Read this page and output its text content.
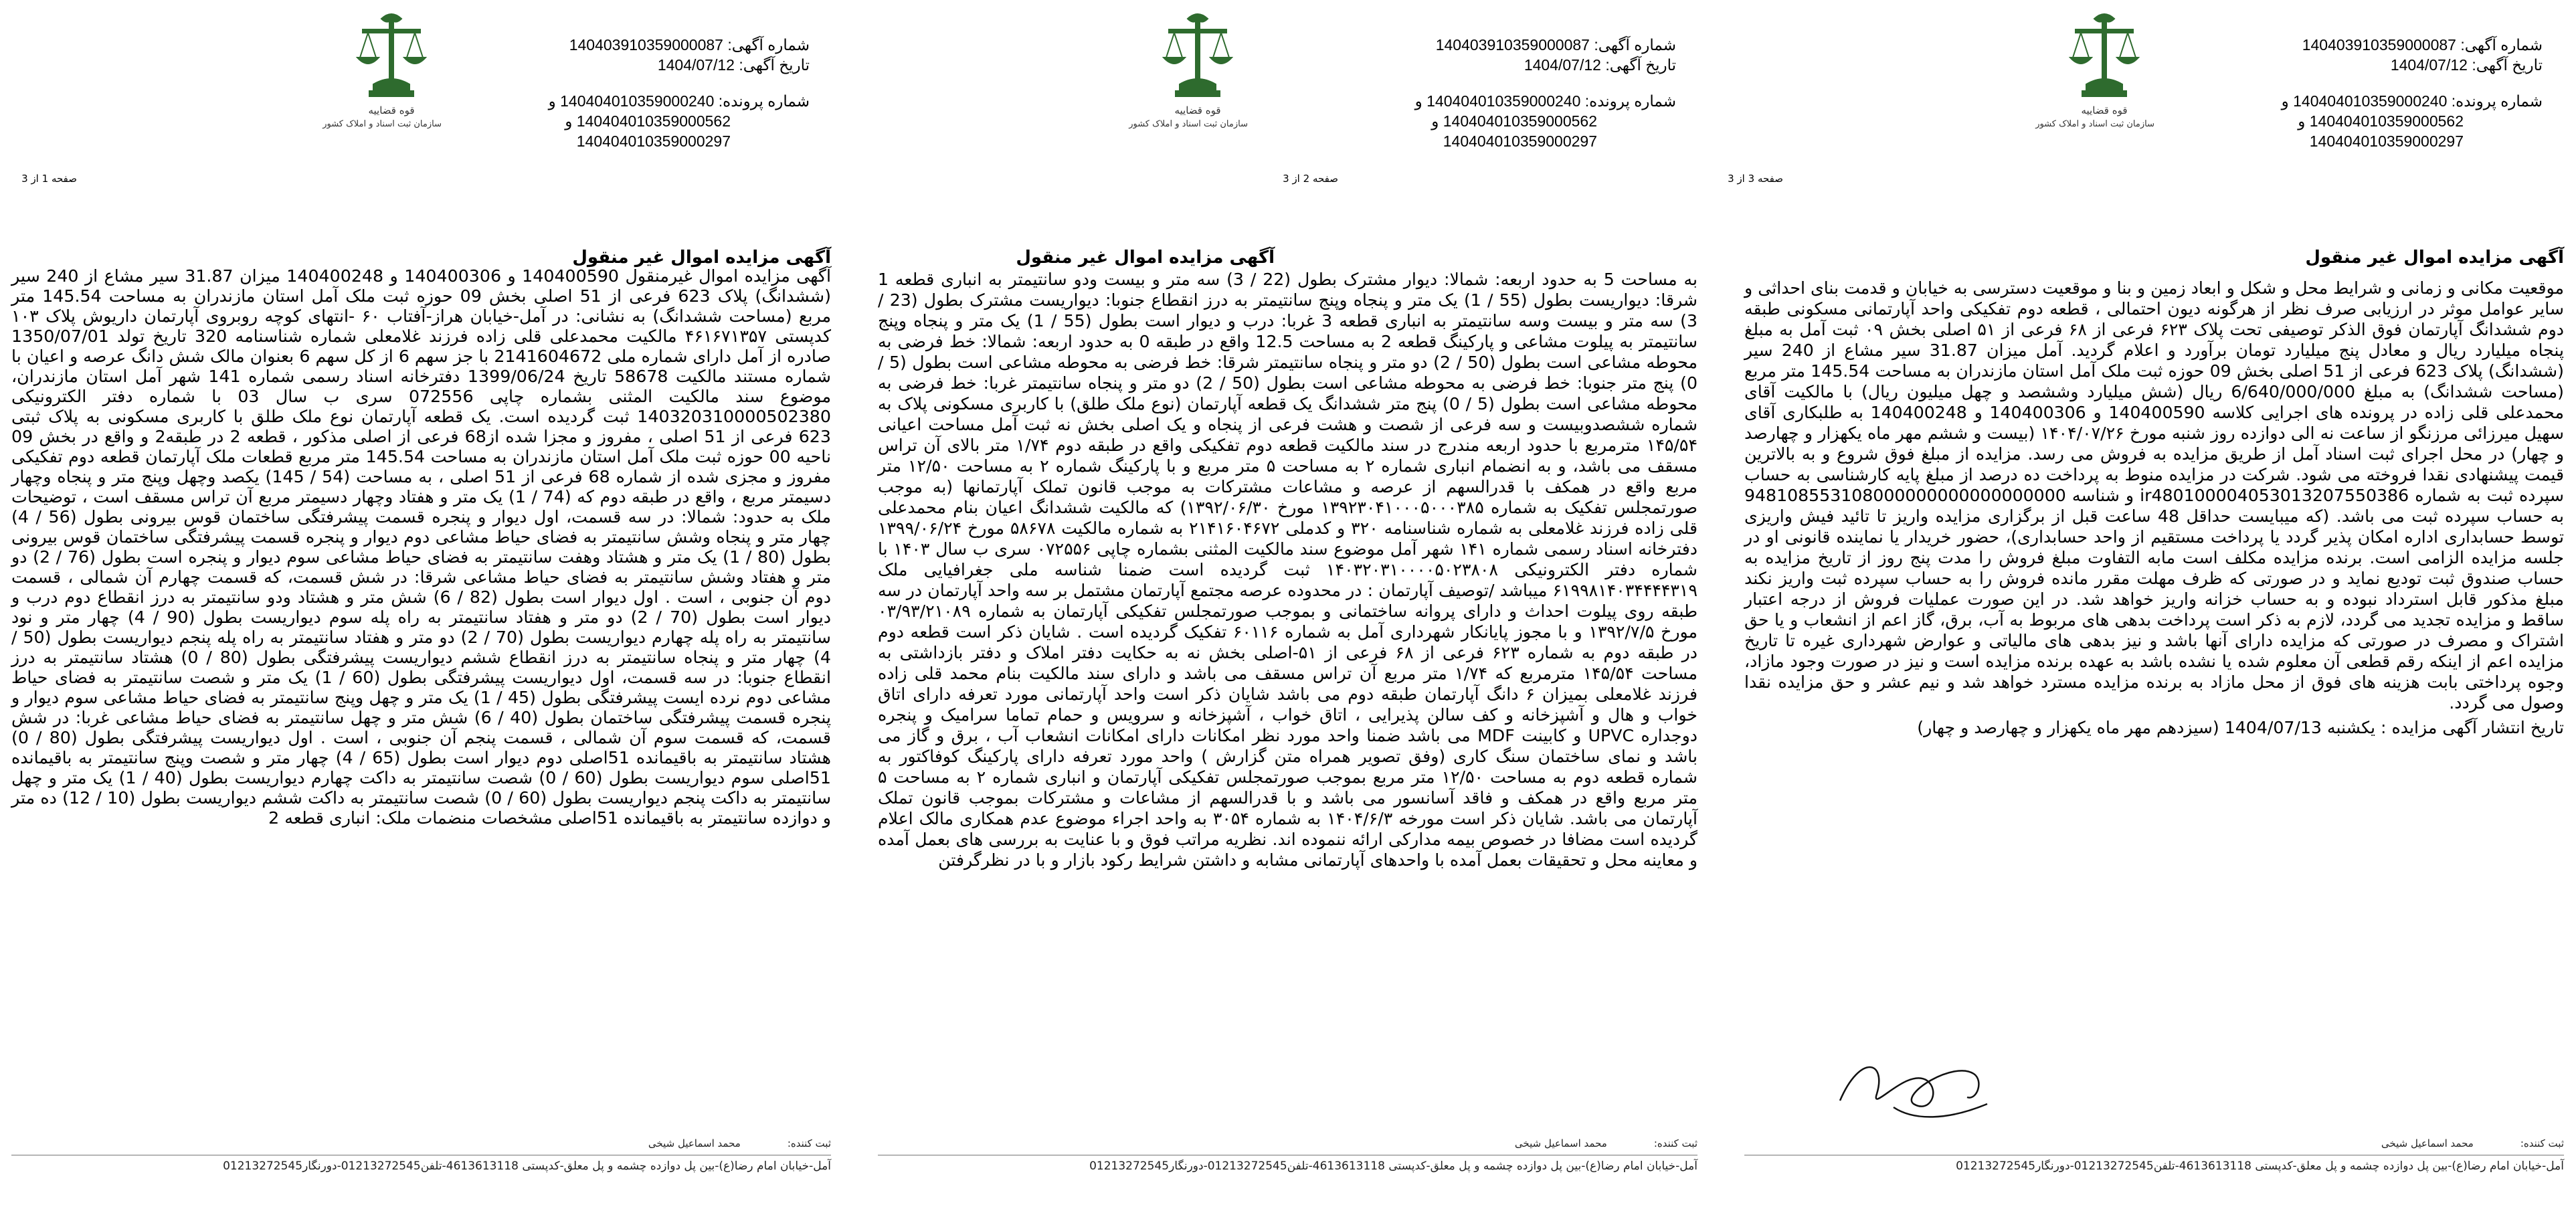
شماره آگهی: 140403910359000087
تاریخ آگهی: 1404/07/12
شماره پرونده: 140404010359000240 و
140404010359000562 و
140404010359000297
قوه قضاییه
سازمان ثبت اسناد و املاک کشور
صفحه 3 از 3
آگهی مزایده اموال غیر منقول

موقعیت مکانی و زمانی و شرایط محل و شکل و ابعاد زمین و بنا و موقعیت دسترسی به خیابان و قدمت بنای احداثی و سایر عوامل موثر در ارزیابی صرف نظر از هرگونه دیون احتمالی ، قطعه دوم تفکیکی واحد آپارتمانی مسکونی طبقه دوم ششدانگ آپارتمان فوق الذکر توصیفی تحت پلاک ۶۲۳ فرعی از ۶۸ فرعی از ۵۱ اصلی بخش ۰۹ ثبت آمل به مبلغ پنجاه میلیارد ریال و معادل پنج میلیارد تومان برآورد و اعلام گردید. آمل میزان 31.87 سیر مشاع از 240 سیر (ششدانگ) پلاک 623 فرعی از 51 اصلی بخش 09 حوزه ثبت ملک آمل استان مازندران به مساحت 145.54 متر مربع (مساحت ششدانگ) به مبلغ 6/640/000/000 ریال (شش میلیارد وششصد و چهل میلیون ریال) با مالکیت آقای محمدعلی قلی زاده در پرونده های اجرایی کلاسه 140400590 و 140400306 و 140400248 به طلبکاری آقای سهیل میرزائی مرزنگو از ساعت نه الی دوازده روز شنبه مورخ ۱۴۰۴/۰۷/۲۶ (بیست و ششم مهر ماه یکهزار و چهارصد و چهار) در محل اجرای ثبت اسناد آمل از طریق مزایده به فروش می رسد. مزایده از مبلغ فوق شروع و به بالاترین قیمت پیشنهادی نقدا فروخته می شود. شرکت در مزایده منوط به پرداخت ده درصد از مبلغ پایه کارشناسی به حساب سپرده ثبت به شماره ir480100004053013207550386 و شناسه 948108553108000000000000000000 به حساب سپرده ثبت می باشد. (که میبایست حداقل 48 ساعت قبل از برگزاری مزایده واریز تا تائید فیش واریزی توسط حسابداری اداره امکان پذیر گردد یا پرداخت مستقیم از واحد حسابداری)، حضور خریدار یا نماینده قانونی او در جلسه مزایده الزامی است. برنده مزایده مکلف است مابه التفاوت مبلغ فروش را مدت پنج روز از تاریخ مزایده به حساب صندوق ثبت تودیع نماید و در صورتی که ظرف مهلت مقرر مانده فروش را به حساب سپرده ثبت واریز نکند مبلغ مذکور قابل استرداد نبوده و به حساب خزانه واریز خواهد شد. در این صورت عملیات فروش از درجه اعتبار ساقط و مزایده تجدید می گردد، لازم به ذکر است پرداخت بدهی های مربوط به آب، برق، گاز اعم از انشعاب و یا حق اشتراک و مصرف در صورتی که مزایده دارای آنها باشد و نیز بدهی های مالیاتی و عوارض شهرداری غیره تا تاریخ مزایده اعم از اینکه رقم قطعی آن معلوم شده یا نشده باشد به عهده برنده مزایده است و نیز در صورت وجود مازاد، وجوه پرداختی بابت هزینه های فوق از محل مازاد به برنده مزایده مسترد خواهد شد و نیم عشر و حق مزایده نقدا وصول می گردد.

تاریخ انتشار آگهی مزایده : یکشنبه 1404/07/13 (سیزدهم مهر ماه یکهزار و چهارصد و چهار)

ثبت کننده:
محمد اسماعیل شیخی
آمل-خیابان امام رضا(ع)-بین پل دوازده چشمه و پل معلق-کدپستی 4613613118-تلفن01213272545-دورنگار01213272545
شماره آگهی: 140403910359000087
تاریخ آگهی: 1404/07/12
شماره پرونده: 140404010359000240 و
140404010359000562 و
140404010359000297
قوه قضاییه
سازمان ثبت اسناد و املاک کشور
صفحه 2 از 3
آگهی مزایده اموال غیر منقول

به مساحت 5 به حدود اربعه: شمالا: دیوار مشترک بطول (22 / 3) سه متر و بیست ودو سانتیمتر به انباری قطعه 1 شرقا: دیواریست بطول (55 / 1) یک متر و پنجاه وپنج سانتیمتر به درز انقطاع جنوبا: دیواریست مشترک بطول (23 / 3) سه متر و بیست وسه سانتیمتر به انباری قطعه 3 غربا: درب و دیوار است بطول (55 / 1) یک متر و پنجاه وپنج سانتیمتر به پیلوت مشاعی و پارکینگ قطعه 2 به مساحت 12.5 واقع در طبقه 0 به حدود اربعه: شمالا: خط فرضی به محوطه مشاعی است بطول (50 / 2) دو متر و پنجاه سانتیمتر شرقا: خط فرضی به محوطه مشاعی است بطول (5 / 0) پنج متر جنوبا: خط فرضی به محوطه مشاعی است بطول (50 / 2) دو متر و پنجاه سانتیمتر غربا: خط فرضی به محوطه مشاعی است بطول (5 / 0) پنج متر ششدانگ یک قطعه آپارتمان (نوع ملک طلق) با کاربری مسکونی پلاک به شماره ششصدوبیست و سه فرعی از شصت و هشت فرعی از پنجاه و یک اصلی بخش نه ثبت آمل مساحت اعیانی ۱۴۵/۵۴ مترمربع با حدود اربعه مندرج در سند مالکیت قطعه دوم تفکیکی واقع در طبقه دوم ۱/۷۴ متر بالای آن تراس مسقف می باشد، و به انضمام انباری شماره ۲ به مساحت ۵ متر مربع و با پارکینگ شماره ۲ به مساحت ۱۲/۵۰ متر مربع واقع در همکف با قدرالسهم از عرصه و مشاعات مشترکات به موجب قانون تملک آپارتمانها (به موجب صورتمجلس تفکیک به شماره ۱۳۹۲۳۰۴۱۰۰۰۵۰۰۰۳۸۵ مورخ ۱۳۹۲/۰۶/۳۰) که مالکیت ششدانگ اعیان بنام محمدعلی قلی زاده فرزند غلامعلی به شماره شناسنامه ۳۲۰ و کدملی ۲۱۴۱۶۰۴۶۷۲ به شماره مالکیت ۵۸۶۷۸ مورخ ۱۳۹۹/۰۶/۲۴ دفترخانه اسناد رسمی شماره ۱۴۱ شهر آمل موضوع سند مالکیت المثنی بشماره چاپی ۰۷۲۵۵۶ سری ب سال ۱۴۰۳ با شماره دفتر الکترونیکی ۱۴۰۳۲۰۳۱۰۰۰۰۵۰۲۳۸۰۸ ثبت گردیده است ضمنا شناسه ملی جغرافیایی ملک ۶۱۹۹۸۱۴۰۳۴۴۴۴۳۱۹ میباشد /توصیف آپارتمان : در محدوده عرصه مجتمع آپارتمان مشتمل بر سه واحد آپارتمان در سه طبقه روی پیلوت احداث و دارای پروانه ساختمانی و بموجب صورتمجلس تفکیکی آپارتمان به شماره ۰۳/۹۳/۲۱۰۸۹ مورخ ۱۳۹۲/۷/۵ و با مجوز پایانکار شهرداری آمل به شماره ۶۰۱۱۶ تفکیک گردیده است . شایان ذکر است قطعه دوم در طبقه دوم به شماره ۶۲۳ فرعی از ۶۸ فرعی از ۵۱-اصلی بخش نه به حکایت دفتر املاک و دفتر بازداشتی به مساحت ۱۴۵/۵۴ مترمربع که ۱/۷۴ متر مربع آن تراس مسقف می باشد و دارای سند مالکیت بنام محمد قلی زاده فرزند غلامعلی بمیزان ۶ دانگ آپارتمان طبقه دوم می باشد شایان ذکر است واحد آپارتمانی مورد تعرفه دارای اتاق خواب و هال و آشپزخانه و کف سالن پذیرایی ، اتاق خواب ، آشپزخانه و سرویس و حمام تماما سرامیک و پنجره دوجداره UPVC و کابینت MDF می باشد ضمنا واحد مورد نظر امکانات دارای امکانات انشعاب آب ، برق و گاز می باشد و نمای ساختمان سنگ کاری (وفق تصویر همراه متن گزارش ) واحد مورد تعرفه دارای پارکینگ کوفاکتور به شماره قطعه دوم به مساحت ۱۲/۵۰ متر مربع بموجب صورتمجلس تفکیکی آپارتمان و انباری شماره ۲ به مساحت ۵ متر مربع واقع در همکف و فاقد آسانسور می باشد و با قدرالسهم از مشاعات و مشترکات بموجب قانون تملک آپارتمان می باشد. شایان ذکر است مورخه ۱۴۰۴/۶/۳ به شماره ۳۰۵۴ به واحد اجراء موضوع عدم همکاری مالک اعلام گردیده است مضافا در خصوص بیمه مدارکی ارائه ننموده اند. نظریه مراتب فوق و با عنایت به بررسی های بعمل آمده و معاینه محل و تحقیقات بعمل آمده با واحدهای آپارتمانی مشابه و داشتن شرایط رکود بازار و با در نظرگرفتن

ثبت کننده:
محمد اسماعیل شیخی
آمل-خیابان امام رضا(ع)-بین پل دوازده چشمه و پل معلق-کدپستی 4613613118-تلفن01213272545-دورنگار01213272545
شماره آگهی: 140403910359000087
تاریخ آگهی: 1404/07/12
شماره پرونده: 140404010359000240 و
140404010359000562 و
140404010359000297
قوه قضاییه
سازمان ثبت اسناد و املاک کشور
صفحه 1 از 3
آگهی مزایده اموال غیر منقول

آگهی مزایده اموال غیرمنقول 140400590 و 140400306 و 140400248 میزان 31.87 سیر مشاع از 240 سیر (ششدانگ) پلاک 623 فرعی از 51 اصلی بخش 09 حوزه ثبت ملک آمل استان مازندران به مساحت 145.54 متر مربع (مساحت ششدانگ) به نشانی: در آمل-خیابان هراز-آفتاب ۶۰ -انتهای کوچه روبروی آپارتمان داریوش پلاک ۱۰۳ کدپستی ۴۶۱۶۷۱۳۵۷ مالکیت محمدعلی قلی زاده فرزند غلامعلی شماره شناسنامه 320 تاریخ تولد 1350/07/01 صادره از آمل دارای شماره ملی 2141604672 با جز سهم 6 از کل سهم 6 بعنوان مالک شش دانگ عرصه و اعیان با شماره مستند مالکیت 58678 تاریخ 1399/06/24 دفترخانه اسناد رسمی شماره 141 شهر آمل استان مازندران، موضوع سند مالکیت المثنی بشماره چاپی 072556 سری ب سال 03 با شماره دفتر الکترونیکی 140320310000502380 ثبت گردیده است. یک قطعه آپارتمان نوع ملک طلق با کاربری مسکونی به پلاک ثبتی 623 فرعی از 51 اصلی ، مفروز و مجزا شده از68 فرعی از اصلی مذکور ، قطعه 2 در طبقه2 و واقع در بخش 09 ناحیه 00 حوزه ثبت ملک آمل استان مازندران به مساحت 145.54 متر مربع قطعات ملک آپارتمان قطعه دوم تفکیکی مفروز و مجزی شده از شماره 68 فرعی از 51 اصلی ، به مساحت (54 / 145) یکصد وچهل وپنج متر و پنجاه وچهار دسیمتر مربع ، واقع در طبقه دوم که (74 / 1) یک متر و هفتاد وچهار دسیمتر مربع آن تراس مسقف است ، توضیحات ملک به حدود: شمالا: در سه قسمت، اول دیوار و پنجره قسمت پیشرفتگی ساختمان قوس بیرونی بطول (56 / 4) چهار متر و پنجاه وشش سانتیمتر به فضای حیاط مشاعی دوم دیوار و پنجره قسمت پیشرفتگی ساختمان قوس بیرونی بطول (80 / 1) یک متر و هشتاد وهفت سانتیمتر به فضای حیاط مشاعی سوم دیوار و پنجره است بطول (76 / 2) دو متر و هفتاد وشش سانتیمتر به فضای حیاط مشاعی شرقا: در شش قسمت، که قسمت چهارم آن شمالی ، قسمت دوم آن جنوبی ، است . اول دیوار است بطول (82 / 6) شش متر و هشتاد ودو سانتیمتر به درز انقطاع دوم درب و دیوار است بطول (70 / 2) دو متر و هفتاد سانتیمتر به راه پله سوم دیواریست بطول (90 / 4) چهار متر و نود سانتیمتر به راه پله چهارم دیواریست بطول (70 / 2) دو متر و هفتاد سانتیمتر به راه پله پنجم دیواریست بطول (50 / 4) چهار متر و پنجاه سانتیمتر به درز انقطاع ششم دیواریست پیشرفتگی بطول (80 / 0) هشتاد سانتیمتر به درز انقطاع جنوبا: در سه قسمت، اول دیواریست پیشرفتگی بطول (60 / 1) یک متر و شصت سانتیمتر به فضای حیاط مشاعی دوم نرده ایست پیشرفتگی بطول (45 / 1) یک متر و چهل وپنج سانتیمتر به فضای حیاط مشاعی سوم دیوار و پنجره قسمت پیشرفتگی ساختمان بطول (40 / 6) شش متر و چهل سانتیمتر به فضای حیاط مشاعی غربا: در شش قسمت، که قسمت سوم آن شمالی ، قسمت پنجم آن جنوبی ، است . اول دیواریست پیشرفتگی بطول (80 / 0) هشتاد سانتیمتر به باقیمانده 51اصلی دوم دیوار است بطول (65 / 4) چهار متر و شصت وپنج سانتیمتر به باقیمانده 51اصلی سوم دیواریست بطول (60 / 0) شصت سانتیمتر به داکت چهارم دیواریست بطول (40 / 1) یک متر و چهل سانتیمتر به داکت پنجم دیواریست بطول (60 / 0) شصت سانتیمتر به داکت ششم دیواریست بطول (10 / 12) ده متر و دوازده سانتیمتر به باقیمانده 51اصلی مشخصات منضمات ملک: انباری قطعه 2

ثبت کننده:
محمد اسماعیل شیخی
آمل-خیابان امام رضا(ع)-بین پل دوازده چشمه و پل معلق-کدپستی 4613613118-تلفن01213272545-دورنگار01213272545
